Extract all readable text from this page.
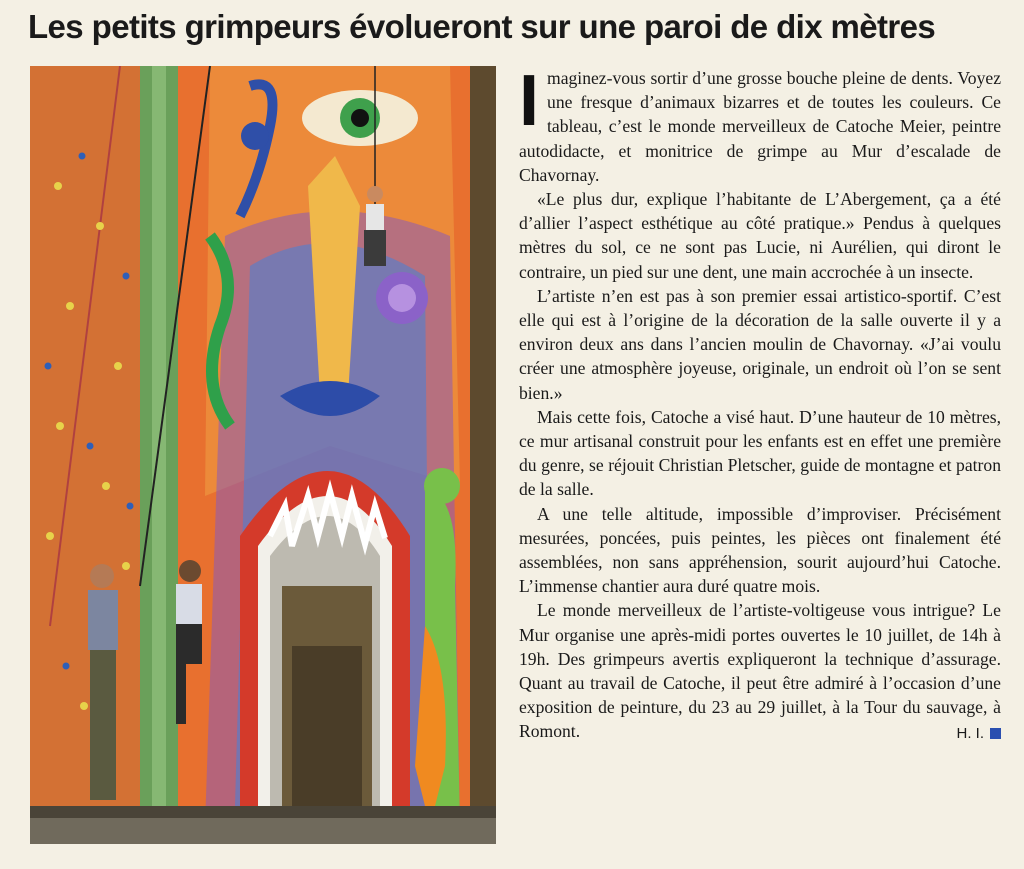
Les petits grimpeurs évolueront sur une paroi de dix mètres

Imaginez-vous sortir d’une grosse bouche pleine de dents. Voyez une fresque d’animaux bizarres et de toutes les couleurs. Ce tableau, c’est le monde merveilleux de Catoche Meier, peintre autodidacte, et monitrice de grimpe au Mur d’escalade de Chavornay.

«Le plus dur, explique l’habitante de L’Abergement, ça a été d’allier l’aspect esthétique au côté pratique.» Pendus à quelques mètres du sol, ce ne sont pas Lucie, ni Aurélien, qui diront le contraire, un pied sur une dent, une main accrochée à un insecte.

L’artiste n’en est pas à son premier essai artistico-sportif. C’est elle qui est à l’origine de la décoration de la salle ouverte il y a environ deux ans dans l’ancien moulin de Chavornay. «J’ai voulu créer une atmosphère joyeuse, originale, un endroit où l’on se sent bien.»

Mais cette fois, Catoche a visé haut. D’une hauteur de 10 mètres, ce mur artisanal construit pour les enfants est en effet une première du genre, se réjouit Christian Pletscher, guide de montagne et patron de la salle.

A une telle altitude, impossible d’improviser. Précisément mesurées, poncées, puis peintes, les pièces ont finalement été assemblées, non sans appréhension, sourit aujourd’hui Catoche. L’immense chantier aura duré quatre mois.

Le monde merveilleux de l’artiste-voltigeuse vous intrigue? Le Mur organise une après-midi portes ouvertes le 10 juillet, de 14h à 19h. Des grimpeurs avertis expliqueront la technique d’assurage. Quant au travail de Catoche, il peut être admiré à l’occasion d’une exposition de peinture, du 23 au 29 juillet, à la Tour du sauvage, à Romont.	H. I.
